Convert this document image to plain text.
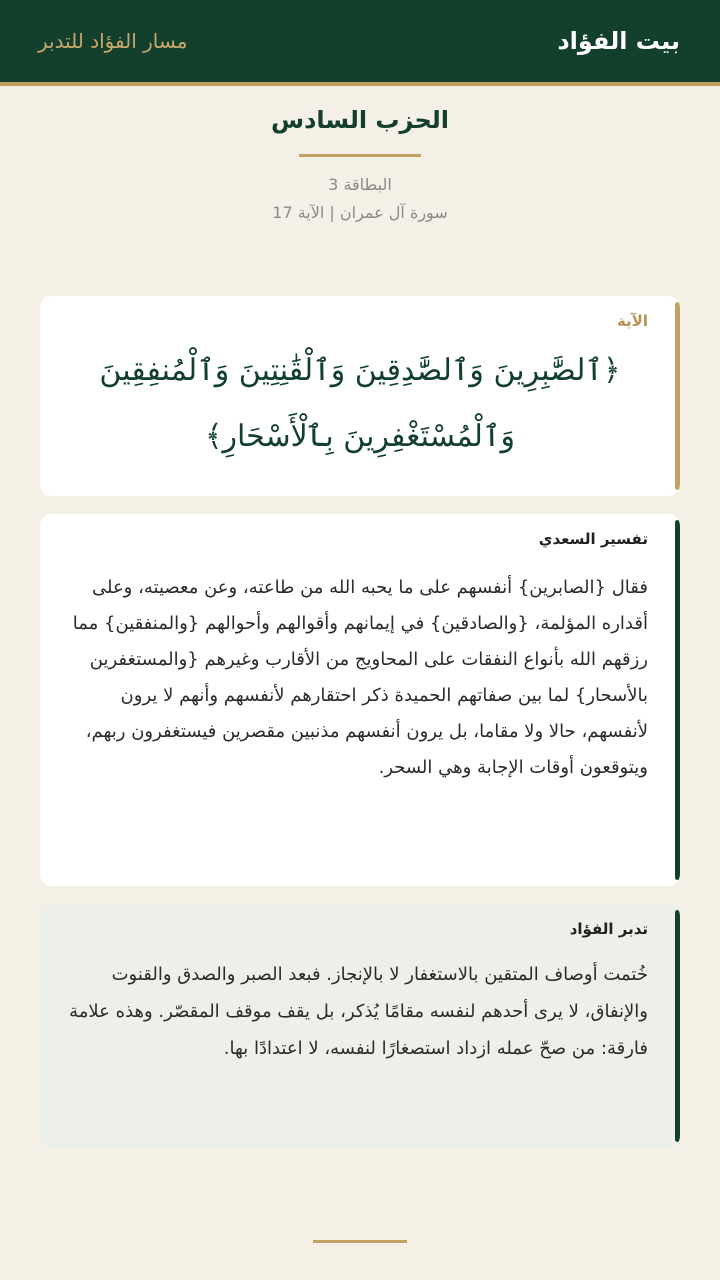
بيت الفؤاد
مسار الفؤاد للتدبر
الحزب السادس
البطاقة 3
سورة آل عمران | الآية 17
الآية
﴿ٱلصَّٰبِرِينَ وَٱلصَّٰدِقِينَ وَٱلْقَٰنِتِينَ وَٱلْمُنفِقِينَ وَٱلْمُسْتَغْفِرِينَ بِٱلْأَسْحَارِ﴾
تفسير السعدي
فقال {الصابرين} أنفسهم على ما يحبه الله من طاعته، وعن معصيته، وعلى أقداره المؤلمة، {والصادقين} في إيمانهم وأقوالهم وأحوالهم {والمنفقين} مما رزقهم الله بأنواع النفقات على المحاويج من الأقارب وغيرهم {والمستغفرين بالأسحار} لما بين صفاتهم الحميدة ذكر احتقارهم لأنفسهم وأنهم لا يرون لأنفسهم، حالا ولا مقاما، بل يرون أنفسهم مذنبين مقصرين فيستغفرون ربهم، ويتوقعون أوقات الإجابة وهي السحر.
تدبر الفؤاد
خُتمت أوصاف المتقين بالاستغفار لا بالإنجاز. فبعد الصبر والصدق والقنوت والإنفاق، لا يرى أحدهم لنفسه مقامًا يُذكر، بل يقف موقف المقصّر. وهذه علامة فارقة: من صحّ عمله ازداد استصغارًا لنفسه، لا اعتدادًا بها.
